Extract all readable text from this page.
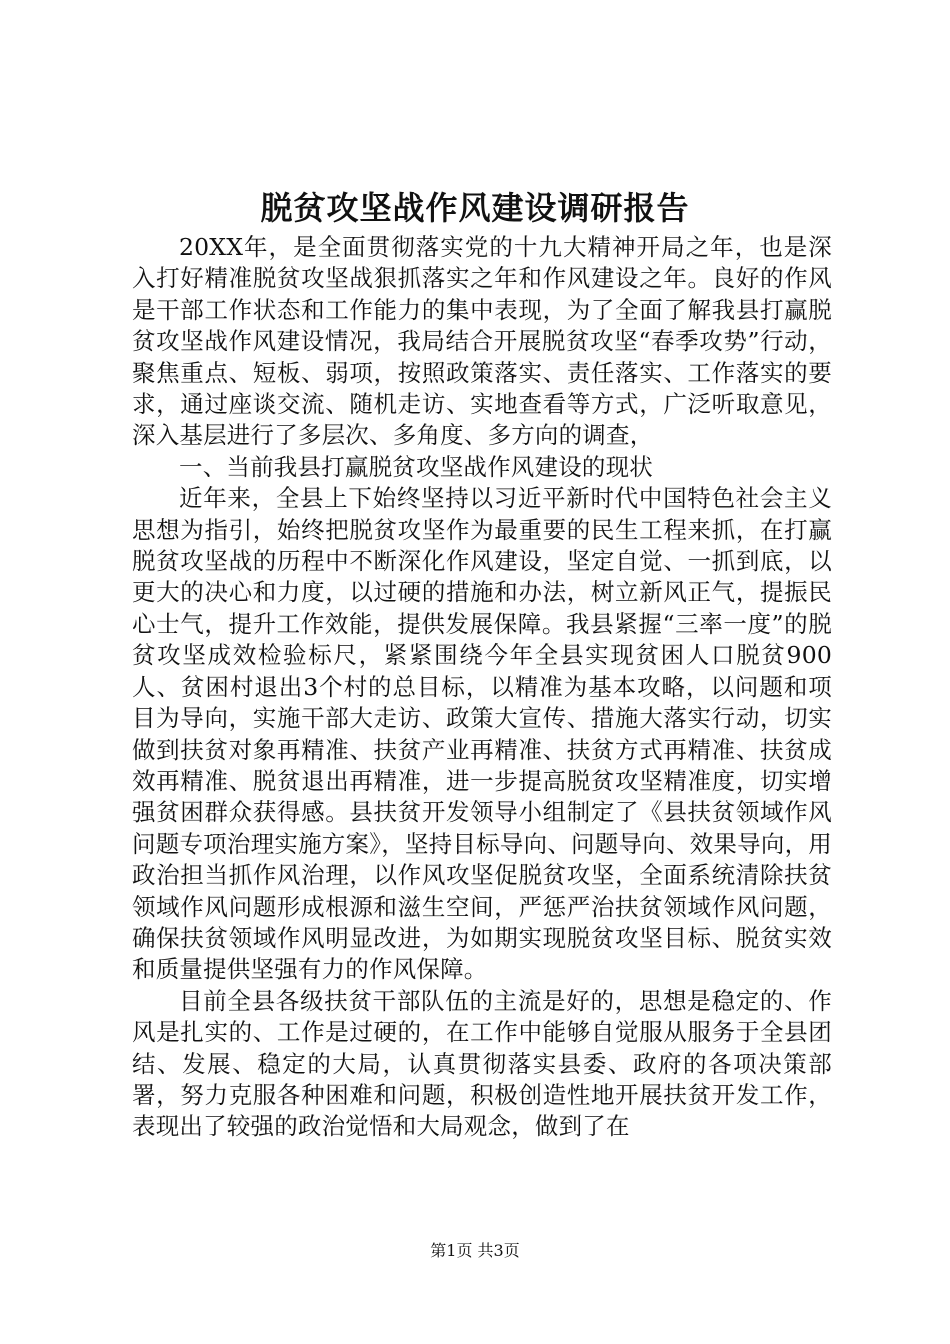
脱贫攻坚战作风建设调研报告

20XX年，是全面贯彻落实党的十九大精神开局之年，也是深入打好精准脱贫攻坚战狠抓落实之年和作风建设之年。良好的作风是干部工作状态和工作能力的集中表现，为了全面了解我县打赢脱贫攻坚战作风建设情况，我局结合开展脱贫攻坚“春季攻势”行动，聚焦重点、短板、弱项，按照政策落实、责任落实、工作落实的要求，通过座谈交流、随机走访、实地查看等方式，广泛听取意见，深入基层进行了多层次、多角度、多方向的调查，

一、当前我县打赢脱贫攻坚战作风建设的现状

近年来，全县上下始终坚持以习近平新时代中国特色社会主义思想为指引，始终把脱贫攻坚作为最重要的民生工程来抓，在打赢脱贫攻坚战的历程中不断深化作风建设，坚定自觉、一抓到底，以更大的决心和力度，以过硬的措施和办法，树立新风正气，提振民心士气，提升工作效能，提供发展保障。我县紧握“三率一度”的脱贫攻坚成效检验标尺，紧紧围绕今年全县实现贫困人口脱贫900人、贫困村退出3个村的总目标，以精准为基本攻略，以问题和项目为导向，实施干部大走访、政策大宣传、措施大落实行动，切实做到扶贫对象再精准、扶贫产业再精准、扶贫方式再精准、扶贫成效再精准、脱贫退出再精准，进一步提高脱贫攻坚精准度，切实增强贫困群众获得感。县扶贫开发领导小组制定了《县扶贫领域作风问题专项治理实施方案》，坚持目标导向、问题导向、效果导向，用政治担当抓作风治理，以作风攻坚促脱贫攻坚，全面系统清除扶贫领域作风问题形成根源和滋生空间，严惩严治扶贫领域作风问题，确保扶贫领域作风明显改进，为如期实现脱贫攻坚目标、脱贫实效和质量提供坚强有力的作风保障。

目前全县各级扶贫干部队伍的主流是好的，思想是稳定的、作风是扎实的、工作是过硬的，在工作中能够自觉服从服务于全县团结、发展、稳定的大局，认真贯彻落实县委、政府的各项决策部署，努力克服各种困难和问题，积极创造性地开展扶贫开发工作，表现出了较强的政治觉悟和大局观念，做到了在

第1页 共3页
